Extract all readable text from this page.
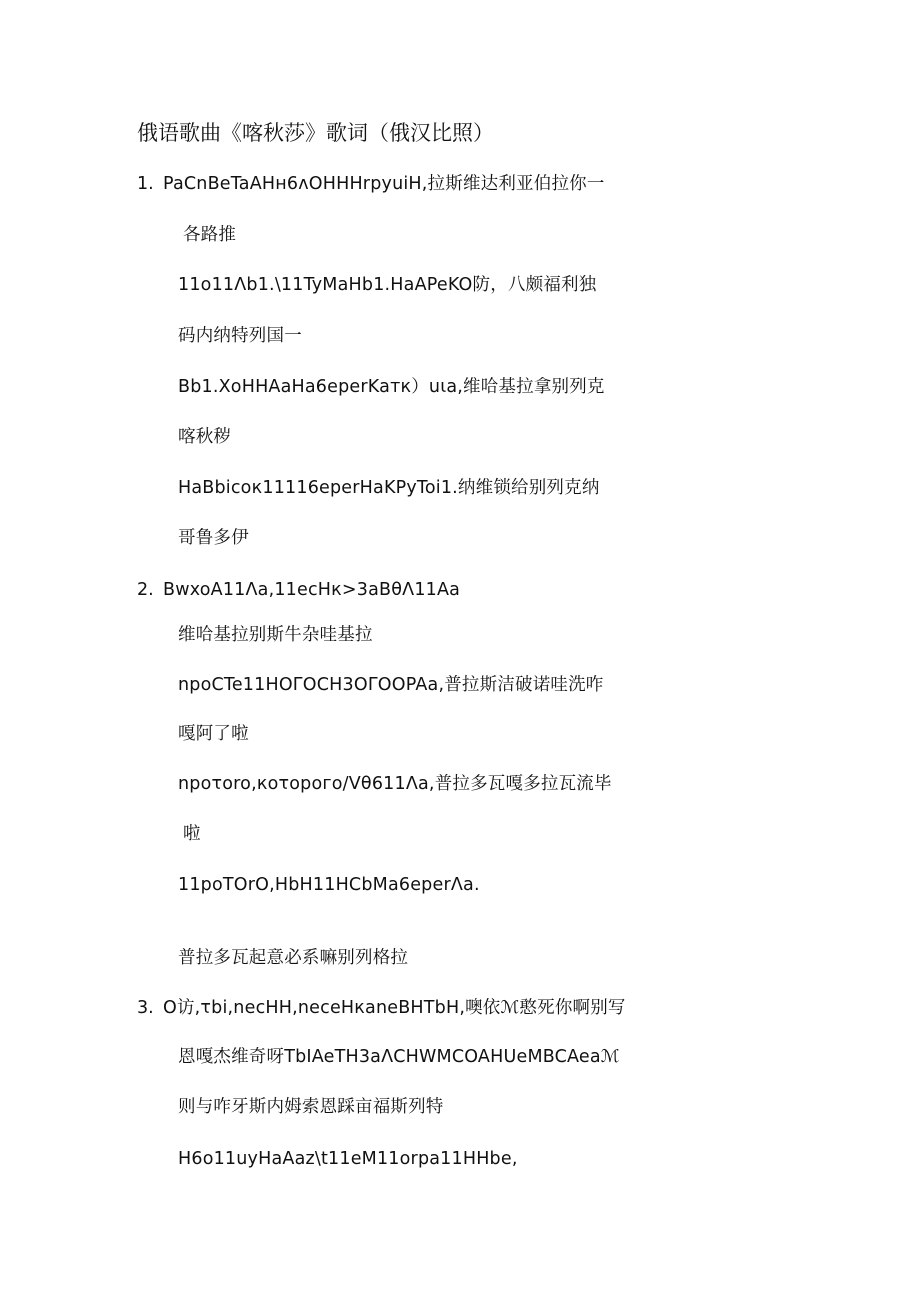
俄语歌曲《喀秋莎》歌词（俄汉比照）
1. PaCnBeTaAHн6ʌOHHHrpyuiH,拉斯维达利亚伯拉你一
各路推
11o11Ʌb1.\11TyMaHb1.HaAPeKO防，八颇福利独
码内纳特列国一
Bb1.XoHHAaHa6eperKaтк）uιa,维哈基拉拿别列克
喀秋秽
HaBbicoк11116eperHaKPyToi1.纳维锁给别列克纳
哥鲁多伊
2. BwxoA11Ʌa,11ecHк>3aBθɅ11Aa
维哈基拉别斯牛杂哇基拉
npoCTe11HOΓOCH3OΓOOPAa,普拉斯洁破诺哇洗咋
嘎阿了啦
npoτoro,кoτopoгo/Vθ611Ʌa,普拉多瓦嘎多拉瓦流毕
啦
11poTOrO,HbH11HCbMa6eperɅa.
普拉多瓦起意必系嘛别列格拉
3. O访,τbi,necHH,neceHкaneBHTbH,噢依ℳ憨死你啊别写
恩嘎杰维奇呀TbIAeTH3aɅCHWMCOAHUeMBCAeaℳ
则与咋牙斯内姆索恩踩亩福斯列特
H6o11uyHaAaz\t11eM11orpa11HHbe,
